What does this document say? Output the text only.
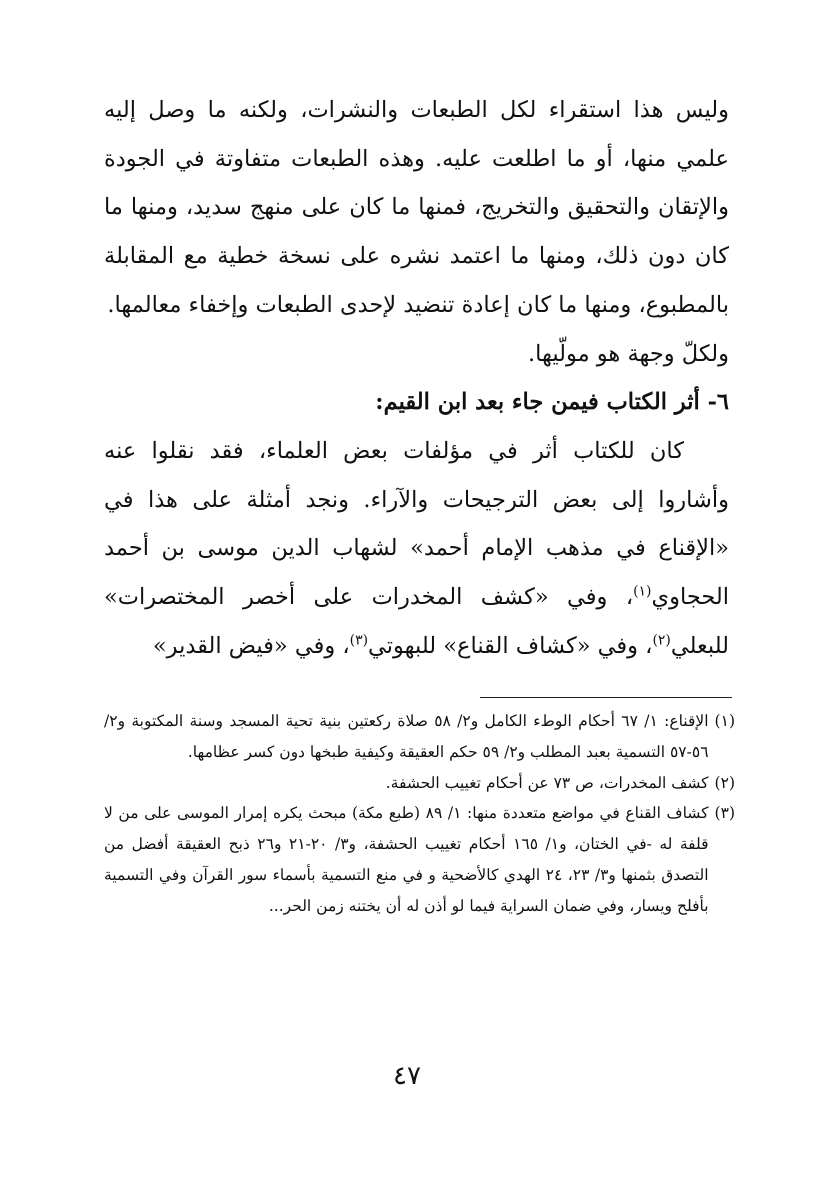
وليس هذا استقراء لكل الطبعات والنشرات، ولكنه ما وصل إليه علمي منها، أو ما اطلعت عليه. وهذه الطبعات متفاوتة في الجودة والإتقان والتحقيق والتخريج، فمنها ما كان على منهج سديد، ومنها ما كان دون ذلك، ومنها ما اعتمد نشره على نسخة خطية مع المقابلة بالمطبوع، ومنها ما كان إعادة تنضيد لإحدى الطبعات وإخفاء معالمها.

ولكلّ وجهة هو مولّيها.

٦- أثر الكتاب فيمن جاء بعد ابن القيم:

كان للكتاب أثر في مؤلفات بعض العلماء، فقد نقلوا عنه وأشاروا إلى بعض الترجيحات والآراء. ونجد أمثلة على هذا في «الإقناع في مذهب الإمام أحمد» لشهاب الدين موسى بن أحمد الحجاوي$^{(١)}$، وفي «كشف المخدرات على أخصر المختصرات» للبعلي$^{(٢)}$، وفي «كشاف القناع» للبهوتي$^{(٣)}$، وفي «فيض القدير»

(١)
الإقناع: ١/ ٦٧ أحكام الوطء الكامل و٢/ ٥٨ صلاة ركعتين بنية تحية المسجد وسنة المكتوبة و٢/ ٥٦-٥٧ التسمية بعبد المطلب و٢/ ٥٩ حكم العقيقة وكيفية طبخها دون كسر عظامها.
(٢)
كشف المخدرات، ص ٧٣ عن أحكام تغييب الحشفة.
(٣)
كشاف القناع في مواضع متعددة منها: ١/ ٨٩ (طبع مكة) مبحث يكره إمرار الموسى على من لا قلفة له -في الختان، و١/ ١٦٥ أحكام تغييب الحشفة، و٣/ ٢٠-٢١ و٢٦ ذبح العقيقة أفضل من التصدق بثمنها و٣/ ٢٣، ٢٤ الهدي كالأضحية و في منع التسمية بأسماء سور القرآن وفي التسمية بأفلح ويسار، وفي ضمان السراية فيما لو أذن له أن يختنه زمن الحر...
٤٧
